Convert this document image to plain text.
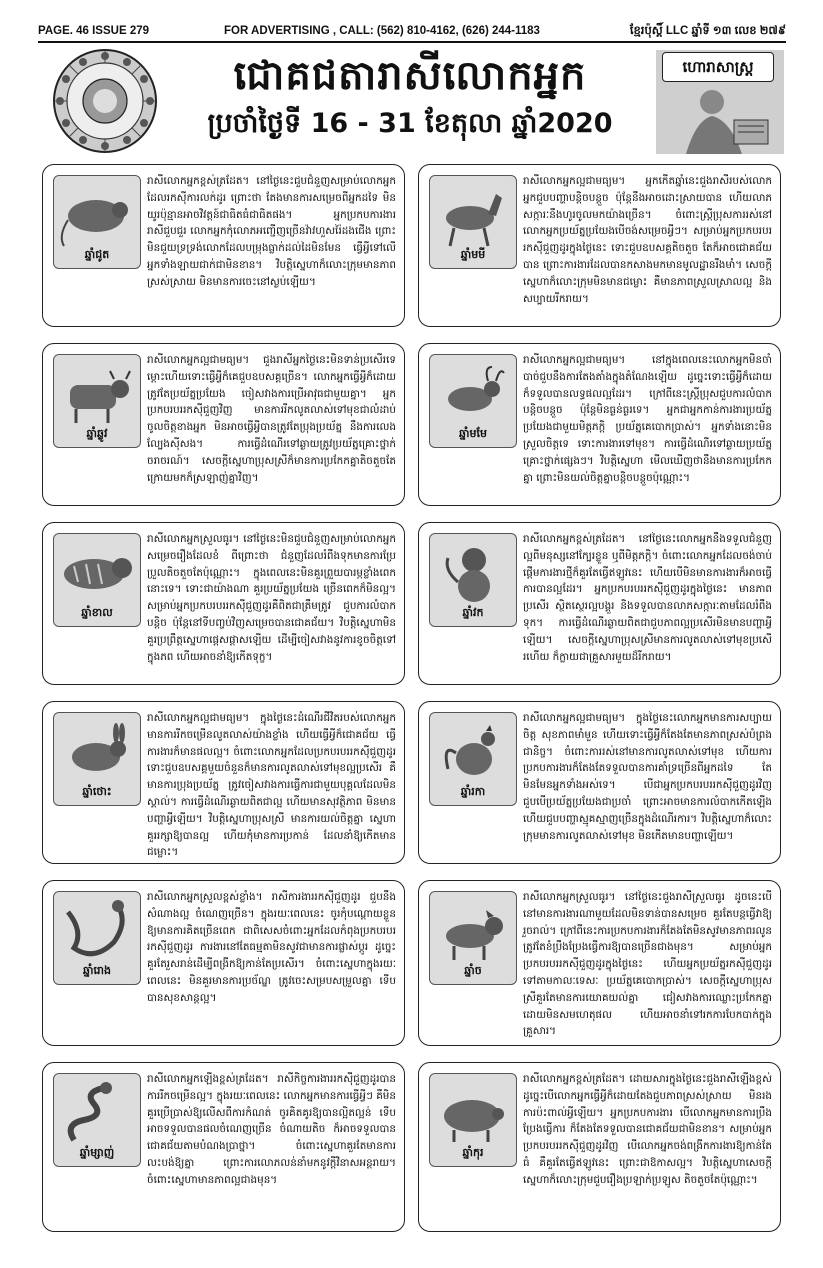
PAGE. 46 ISSUE 279	FOR ADVERTISING , CALL: (562) 810-4162, (626) 244-1183	ខ្មែរប៉ុស្តិ៍ LLC ឆ្នាំទី ១៣ លេខ ២៧៩
ជោគជតារាសីលោកអ្នក
ប្រចាំថ្ងៃទី 16 - 31 ខែតុលា ឆ្នាំ2020
ហោរាសាស្ត្រ
ឆ្នាំជូត
រាសីលោកអ្នកខ្ពស់ត្រដែត។ នៅថ្ងៃនេះជួបជំនួញសម្រាប់លោកអ្នកដែលរកស៊ីការលក់ដូរ ព្រោះថា តែងមានការសម្រេចពីអ្នកដទៃ មិនយូរប៉ុន្មានអាចវិវត្តន៍ជាធិតធំជាធិតផង។ អ្នកប្រកបការងារ រាសីជួបជួរ លោកអ្នកកុំលោភអញ្ជើញច្រើនវ៉ាវហួសរ៉ៃដងជើង ព្រោះមិនជួយទ្រទ្រង់លោកដែលបម្រុងធ្លាក់ដល់ដៃមិនមែន ធ្វើអ្វីទៅលើអ្នកទាំងឡាយជាក់ជាមិនខាន។ វិបត្តិស្នេហាក៏លោះក្រុមមានភាពស្រស់ស្រាយ មិនមានការចេះនៅស្ងប់ឡើយ។
ឆ្នាំឆ្លូវ
រាសីលោកអ្នកល្អជាមធ្យម។ ជួងរាសីអ្នកថ្ងៃនេះមិនទាន់ប្រសើរទេ ម្តោះហើយទោះធ្វើអ្វីក៏គេជួបឧបសគ្គច្រើន។ លោកអ្នកធ្វើអ្វីក៏ដោយត្រូវតែប្រយ័ត្នប្រយែង ចៀសវាងការប្រើអាវុធជាមួយគ្នា។ អ្នកប្រកបរបររកស៊ីជួញវិញ មានការរីកលូតលាស់ទៅមុខជាលំដាប់ ចូលចិត្តខាងអ្នក មិនអាចធ្វើអ្វីបានត្រូវតែប្រុងប្រយ័ត្ន នឹងការលេងល្បែងស៊ីសង។ ការធ្វើដំណើរទៅឆ្ងាយត្រូវប្រយ័ត្នគ្រោះថ្នាក់ចរាចរណ៍។ សេចក្តីស្នេហាប្រុសស្រីក៏មានការប្រកែកគ្នាតិចតួចតែក្រោយមកក៏ស្រឡាញ់គ្នាវិញ។
ឆ្នាំខាល
រាសីលោកអ្នកស្រួលធូរ។ នៅថ្ងៃនេះមិនជួបជំនួញសម្រាប់លោកអ្នកសម្រេចរឿងដែលខំ ពីព្រោះថា ជំនួញដែលរំពឹងទុកមានការប្រែប្រួលតិចតួចតែប៉ុណ្ណោះ។ ក្នុងពេលនេះមិនគួរព្រួយបារម្ភខ្លាំងពេកនោះទេ។ ទោះជាយ៉ាងណា គួរប្រយ័ត្នប្រយែង ច្រើនពេកក៏មិនល្អ។ សម្រាប់អ្នកប្រកបរបររកស៊ីជួញដូរគឺពិតជាត្រឹមត្រូវ ជួបការលំបាកបន្តិច ប៉ុន្តែនៅទីបញ្ចប់វិញសម្រេចបានជោគជ័យ។ វិបត្តិស្នេហាមិនគួរប្រព្រឹត្តស្នេហាផ្តេសផ្តាសឡើយ ដើម្បីចៀសវាងនូវការខូចចិត្តទៅក្នុងភព ហើយអាចនាំឱ្យកើតទុក្ខ។
ឆ្នាំថោះ
រាសីលោកអ្នកល្អជាមធ្យម។ ក្នុងថ្ងៃនេះដំណើរជីវិតរបស់លោកអ្នកមានការរីកចម្រើនលូតលាស់យ៉ាងខ្លាំង ហើយធ្វើអ្វីក៏ជោគជ័យ ធ្វើការងារក៏មានផលល្អ។ ចំពោះលោកអ្នកដែលប្រកបរបររកស៊ីជួញដូរ ទោះជួបឧបសគ្គមួយចំនួនក៏មានការលូតលាស់ទៅមុខល្អប្រសើរ គឺមានការប្រុងប្រយ័ត្ន ត្រូវចៀសវាងការធ្វើការជាមួយបុគ្គលដែលមិនស្គាល់។ ការធ្វើដំណើរឆ្ងាយពិតជាល្អ ហើយមានសុវត្ថិភាព មិនមានបញ្ហាអ្វីឡើយ។ វិបត្តិស្នេហាប្រុសស្រី មានការយល់ចិត្តគ្នា ស្នេហាគួររក្សាឱ្យបានល្អ ហើយកុំមានការប្រកាន់ ដែលនាំឱ្យកើតមានជម្លោះ។
ឆ្នាំរោង
រាសីលោកអ្នកស្រួលខ្ពស់ខ្លាំង។ រាសីការងាររកស៊ីជួញដូរ ជួបនឹងសំណាងល្អ ចំណេញច្រើន។ ក្នុងរយៈពេលនេះ ចូរកុំបណ្តោយខ្លួនឱ្យមានការគិតច្រើនពេក ជាពិសេសចំពោះអ្នកដែលកំពុងប្រកបរបររកស៊ីជួញដូរ ការងារនៅតែធម្មតាមិនសូវជាមានការផ្លាស់ប្តូរ ដូច្នេះគួរតែរួសរាន់ដើម្បីពង្រីកឱ្យកាន់តែប្រសើរ។ ចំពោះស្នេហាក្នុងរយៈពេលនេះ មិនគួរមានការប្រច័ណ្ឌ ត្រូវចេះសម្របសម្រួលគ្នា ទើបបានសុខសាន្តល្អ។
ឆ្នាំម្សាញ់
រាសីលោកអ្នកឡើងខ្ពស់ត្រដែត។ រាសីកិច្ចការងាររកស៊ីជួញដូរបានការរីកចម្រើនល្អ។ ក្នុងរយៈពេលនេះ លោកអ្នកមានការធ្វើអ្វីៗ គឺមិនគួរប្រើប្រាស់ឱ្យលើសពីការកំណត់ ចូរគិតគូរឱ្យបានល្អិតល្អន់ ទើបអាចទទួលបានផលចំណេញច្រើន ចំណាយតិច ក៏អាចទទួលបានជោគជ័យតាមបំណងប្រាថ្នា។ ចំពោះស្នេហាគួរតែមានការលះបង់ឱ្យគ្នា ព្រោះការលោភលន់នាំមកនូវក្តីវិនាសអន្តរាយ។ ចំពោះស្នេហាមានភាពល្អជាងមុន។
ឆ្នាំមមី
រាសីលោកអ្នកល្អជាមធ្យម។ អ្នកកើតឆ្នាំនេះជួងរាសីរបស់លោកអ្នកជួបបញ្ហាបន្តិចបន្តួច ប៉ុន្តែនឹងអាចដោះស្រាយបាន ហើយលាភសក្ការៈនឹងហូរចូលមកយ៉ាងច្រើន។ ចំពោះស្ត្រីប្រុសការរស់នៅលោកអ្នកប្រយ័ត្នប្រយែងបើចង់សម្រេចអ្វីៗ។ សម្រាប់អ្នកប្រកបរបររកស៊ីជួញដូរក្នុងថ្ងៃនេះ ទោះជួបឧបសគ្គតិចតួច តែក៏អាចជោគជ័យបាន ព្រោះការងារដែលបានកសាងមកមានមូលដ្ឋានរឹងមាំ។ សេចក្តីស្នេហាក៏លោះក្រុមមិនមានជម្លោះ គឺមានភាពស្រួលស្រាលល្អ និងសប្បាយរីករាយ។
ឆ្នាំមមែ
រាសីលោកអ្នកល្អជាមធ្យម។ នៅក្នុងពេលនេះលោកអ្នកមិនចាំបាច់ជួបនឹងការតែងតាំងក្នុងតំណែងឡើយ ដូច្នេះទោះធ្វើអ្វីក៏ដោយ ក៏ទទួលបានលទ្ធផលល្អដែរ។ ក្រៅពីនេះស្ត្រីប្រុសជួបការលំបាកបន្តិចបន្តួច ប៉ុន្តែមិនធ្ងន់ធ្ងរទេ។ អ្នកជាអ្នកកាន់ការងារប្រយ័ត្នប្រយែងជាមួយមិត្តភក្តិ ប្រយ័ត្នគេបោកប្រាស់។ អ្នកទាំងនោះមិនស្រួលចិត្តទេ ទោះការងារទៅមុខ។ ការធ្វើដំណើរទៅឆ្ងាយប្រយ័ត្នគ្រោះថ្នាក់ផ្សេងៗ។ វិបត្តិស្នេហា មើលឃើញថានឹងមានការប្រកែកគ្នា ព្រោះមិនយល់ចិត្តគ្នាបន្តិចបន្តួចប៉ុណ្ណោះ។
ឆ្នាំវក
រាសីលោកអ្នកខ្ពស់ត្រដែត។ នៅថ្ងៃនេះលោកអ្នកនឹងទទួលជំនួញល្អពីមនុស្សនៅក្បែរខ្លួន ឬពីមិត្តភក្តិ។ ចំពោះលោកអ្នកដែលចង់ចាប់ផ្តើមការងារថ្មីក៏គួរតែធ្វើឥឡូវនេះ ហើយបើមិនមានការងារក៏អាចធ្វើការបានល្អដែរ។ អ្នកប្រកបរបររកស៊ីជួញដូរក្នុងថ្ងៃនេះ មានភាពប្រសើរ ស្ថិតស្ថេរល្អបង្គួរ និងទទួលបានលាភសក្ការៈតាមដែលរំពឹងទុក។ ការធ្វើដំណើរឆ្ងាយពិតជាជួបភាពល្អប្រសើរមិនមានបញ្ហាអ្វីឡើយ។ សេចក្តីស្នេហាប្រុសស្រីមានការលូតលាស់ទៅមុខប្រសើរហើយ ក៏ក្លាយជាគ្រួសារមួយដ៏រីករាយ។
ឆ្នាំរកា
រាសីលោកអ្នកល្អជាមធ្យម។ ក្នុងថ្ងៃនេះលោកអ្នកមានការសប្បាយចិត្ត សុខភាពមាំមួន ហើយទោះធ្វើអ្វីក៏តែងតែមានភាពស្រស់បំព្រងជានិច្ច។ ចំពោះការរស់នៅមានការលូតលាស់ទៅមុខ ហើយការប្រកបការងារក៏តែងតែទទួលបានការគាំទ្រច្រើនពីអ្នកដទៃ តែមិនមែនអ្នកទាំងអស់ទេ។ បើជាអ្នកប្រកបរបររកស៊ីជួញដូរវិញ ជួបបើប្រយ័ត្នប្រយែងជាប្រចាំ ព្រោះអាចមានការលំបាកកើតឡើង ហើយជួបបញ្ហាស្មុគស្មាញច្រើនក្នុងដំណើរការ។ វិបត្តិស្នេហាក៏លោះក្រុមមានការលូតលាស់ទៅមុខ មិនកើតមានបញ្ហាឡើយ។
ឆ្នាំច
រាសីលោកអ្នកស្រួលធូរ។ នៅថ្ងៃនេះជួងរាសីស្រួលធូរ ដូចនេះបើនៅមានការងារណាមួយដែលមិនទាន់បានសម្រេច គួរតែបន្តធ្វើវាឱ្យរួចរាល់។ ក្រៅពីនេះការប្រកបការងារក៏តែងតែមិនសូវមានភាពរលូន ត្រូវតែខំប្រឹងប្រែងធ្វើការឱ្យបានច្រើនជាងមុន។ សម្រាប់អ្នកប្រកបរបររកស៊ីជួញដូរក្នុងថ្ងៃនេះ ហើយអ្នកប្រយ័ត្នរកស៊ីជួញដូរទៅតាមកាលៈទេសៈ ប្រយ័ត្នគេបោកប្រាស់។ សេចក្តីស្នេហាប្រុសស្រីគួរតែមានការយោគយល់គ្នា ជៀសវាងការឈ្លោះប្រកែកគ្នាដោយមិនសមហេតុផល ហើយអាចនាំទៅរកការបែកបាក់ក្នុងគ្រួសារ។
ឆ្នាំកុរ
រាសីលោកអ្នកខ្ពស់ត្រដែត។ ដោយសារក្នុងថ្ងៃនេះជួងរាសីឡើងខ្ពស់ ដូច្នេះបើលោកអ្នកធ្វើអ្វីក៏ដោយតែងជួបភាពស្រស់ស្រាយ មិនរងការប៉ះពាល់អ្វីឡើយ។ អ្នកប្រកបការងារ បើលោកអ្នកមានការប្រឹងប្រែងធ្វើការ ក៏តែងតែទទួលបានជោគជ័យជាមិនខាន។ សម្រាប់អ្នកប្រកបរបររកស៊ីជួញដូរវិញ បើលោកអ្នកចង់ពង្រីកការងារឱ្យកាន់តែធំ គឺគួរតែធ្វើឥឡូវនេះ ព្រោះជាឱកាសល្អ។ វិបត្តិស្នេហាសេចក្តីស្នេហាក៏លោះក្រុមជួបរឿងប្រឡាក់ប្រឡូស តិចតួចតែប៉ុណ្ណោះ។
